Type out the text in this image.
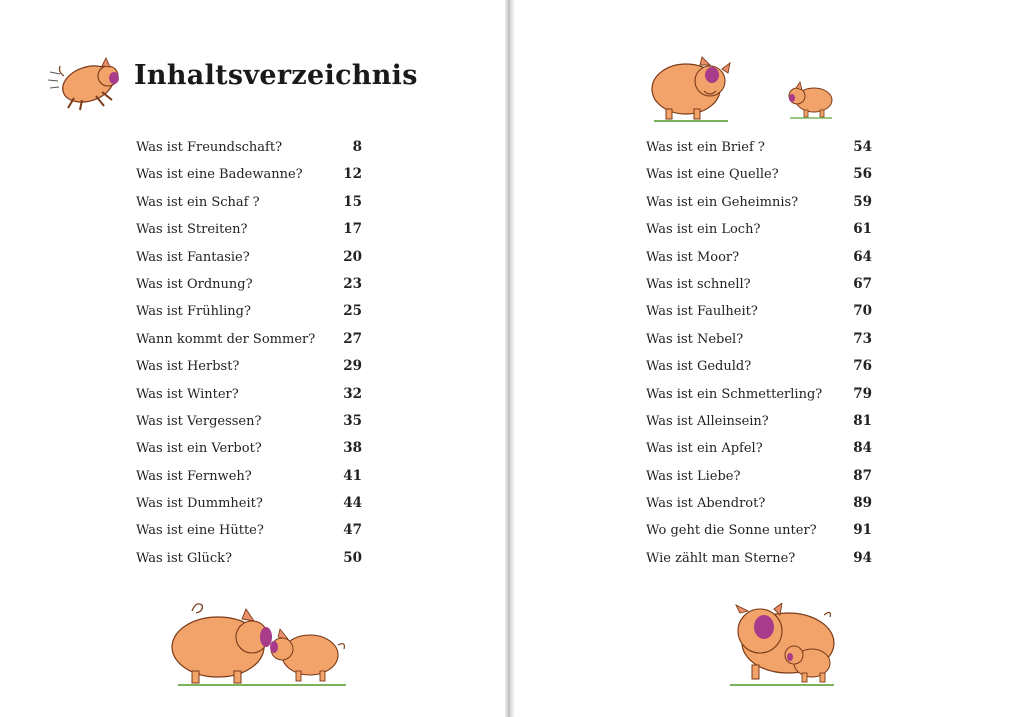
Inhaltsverzeichnis
Was ist Freundschaft?	8
Was ist eine Badewanne?	12
Was ist ein Schaf ?	15
Was ist Streiten?	17
Was ist Fantasie?	20
Was ist Ordnung?	23
Was ist Frühling?	25
Wann kommt der Sommer? 27
Was ist Herbst?	29
Was ist Winter?	32
Was ist Vergessen?	35
Was ist ein Verbot?	38
Was ist Fernweh?	41
Was ist Dummheit?	44
Was ist eine Hütte?	47
Was ist Glück?	50
Was ist ein Brief ?	54
Was ist eine Quelle?	56
Was ist ein Geheimnis?	59
Was ist ein Loch?	61
Was ist Moor?	64
Was ist schnell?	67
Was ist Faulheit?	70
Was ist Nebel?	73
Was ist Geduld?	76
Was ist ein Schmetterling? 79
Was ist Alleinsein?	81
Was ist ein Apfel?	84
Was ist Liebe?	87
Was ist Abendrot?	89
Wo geht die Sonne unter?	91
Wie zählt man Sterne?	94
